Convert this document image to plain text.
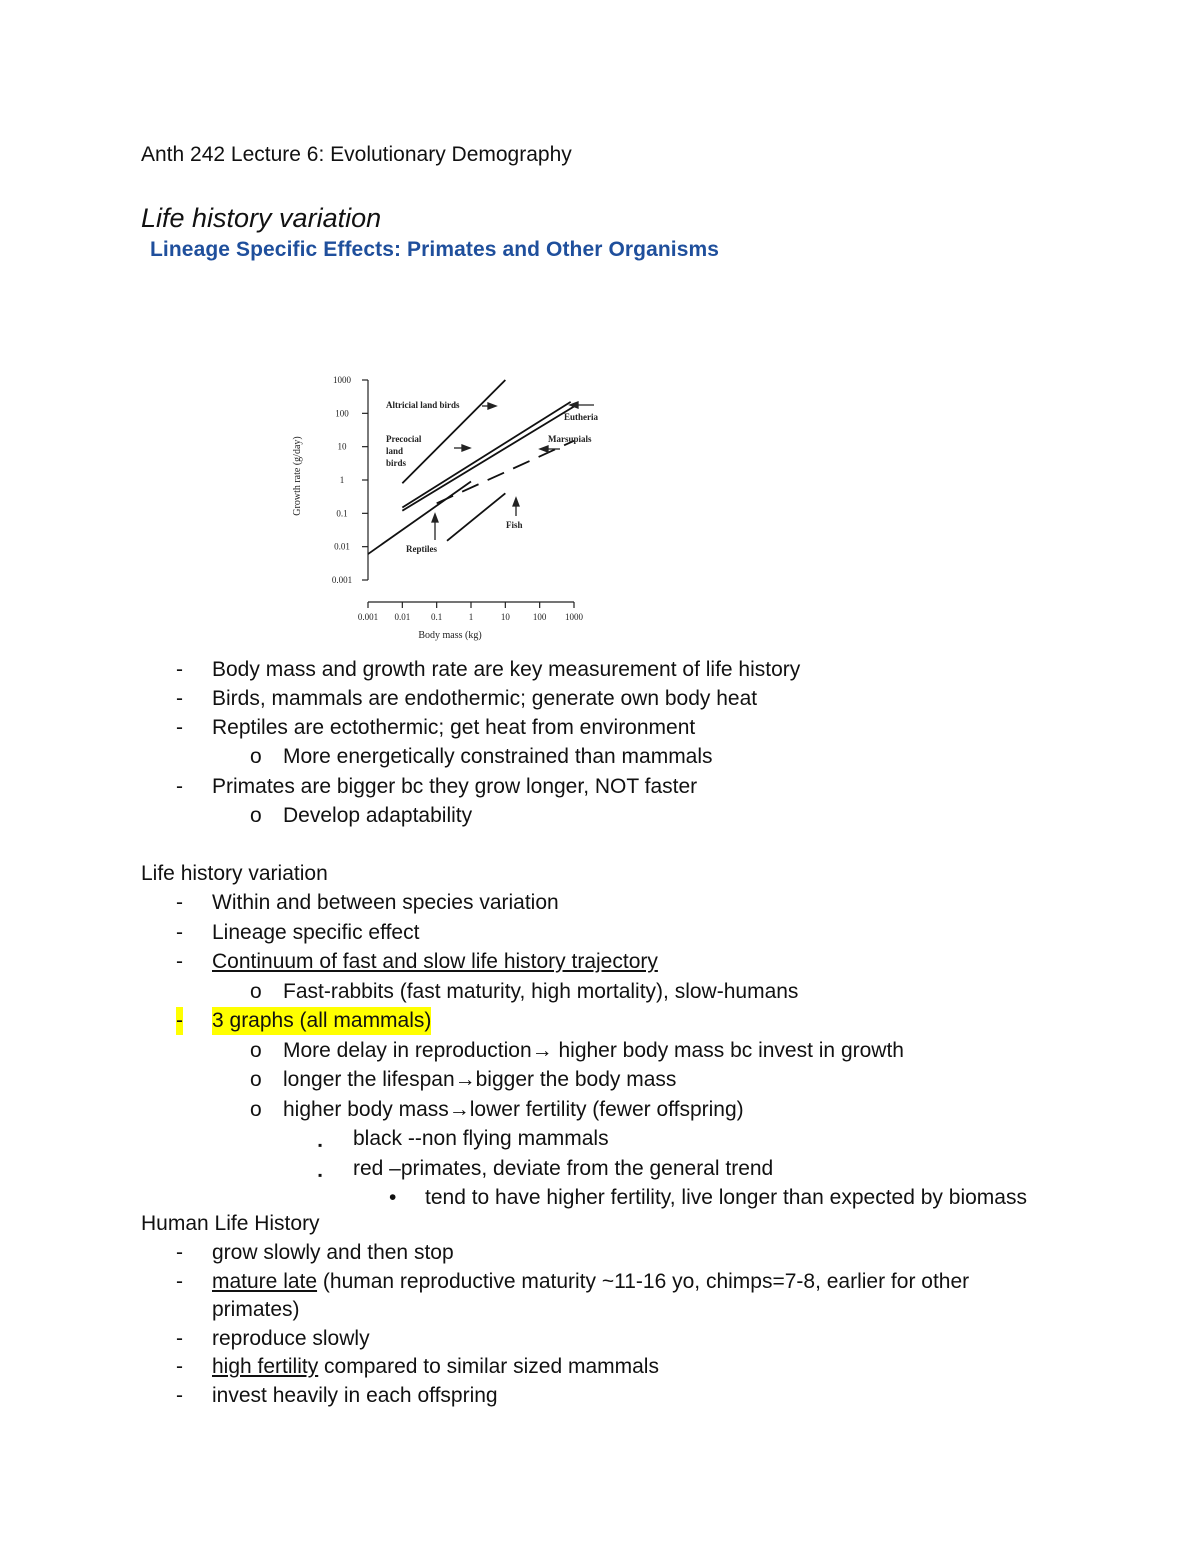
Anth 242 Lecture 6: Evolutionary Demography
Life history variation
Lineage Specific Effects: Primates and Other Organisms
1000
100
10
1
0.1
0.01
0.001
0.001 0.01 0.1	1	10	100 1000
Altricial land birds
Eutheria
Precocial
land
birds
Marsupials
Reptiles
Fish
Body mass (kg)
Growth rate (g/day)
- Body mass and growth rate are key measurement of life history
- Birds, mammals are endothermic; generate own body heat
- Reptiles are ectothermic; get heat from environment
o More energetically constrained than mammals
- Primates are bigger bc they grow longer, NOT faster
o Develop adaptability
Life history variation
- Within and between species variation
- Lineage specific effect
- Continuum of fast and slow life history trajectory
o Fast-rabbits (fast maturity, high mortality), slow-humans
- 3 graphs (all mammals)
o More delay in reproduction→ higher body mass bc invest in growth
o longer the lifespan→bigger the body mass
o higher body mass→lower fertility (fewer offspring)
▪ black --non flying mammals
▪ red –primates, deviate from the general trend
• tend to have higher fertility, live longer than expected by biomass
Human Life History
- grow slowly and then stop
- mature late (human reproductive maturity ~11-16 yo, chimps=7-8, earlier for other
primates)
- reproduce slowly
- high fertility compared to similar sized mammals
- invest heavily in each offspring
